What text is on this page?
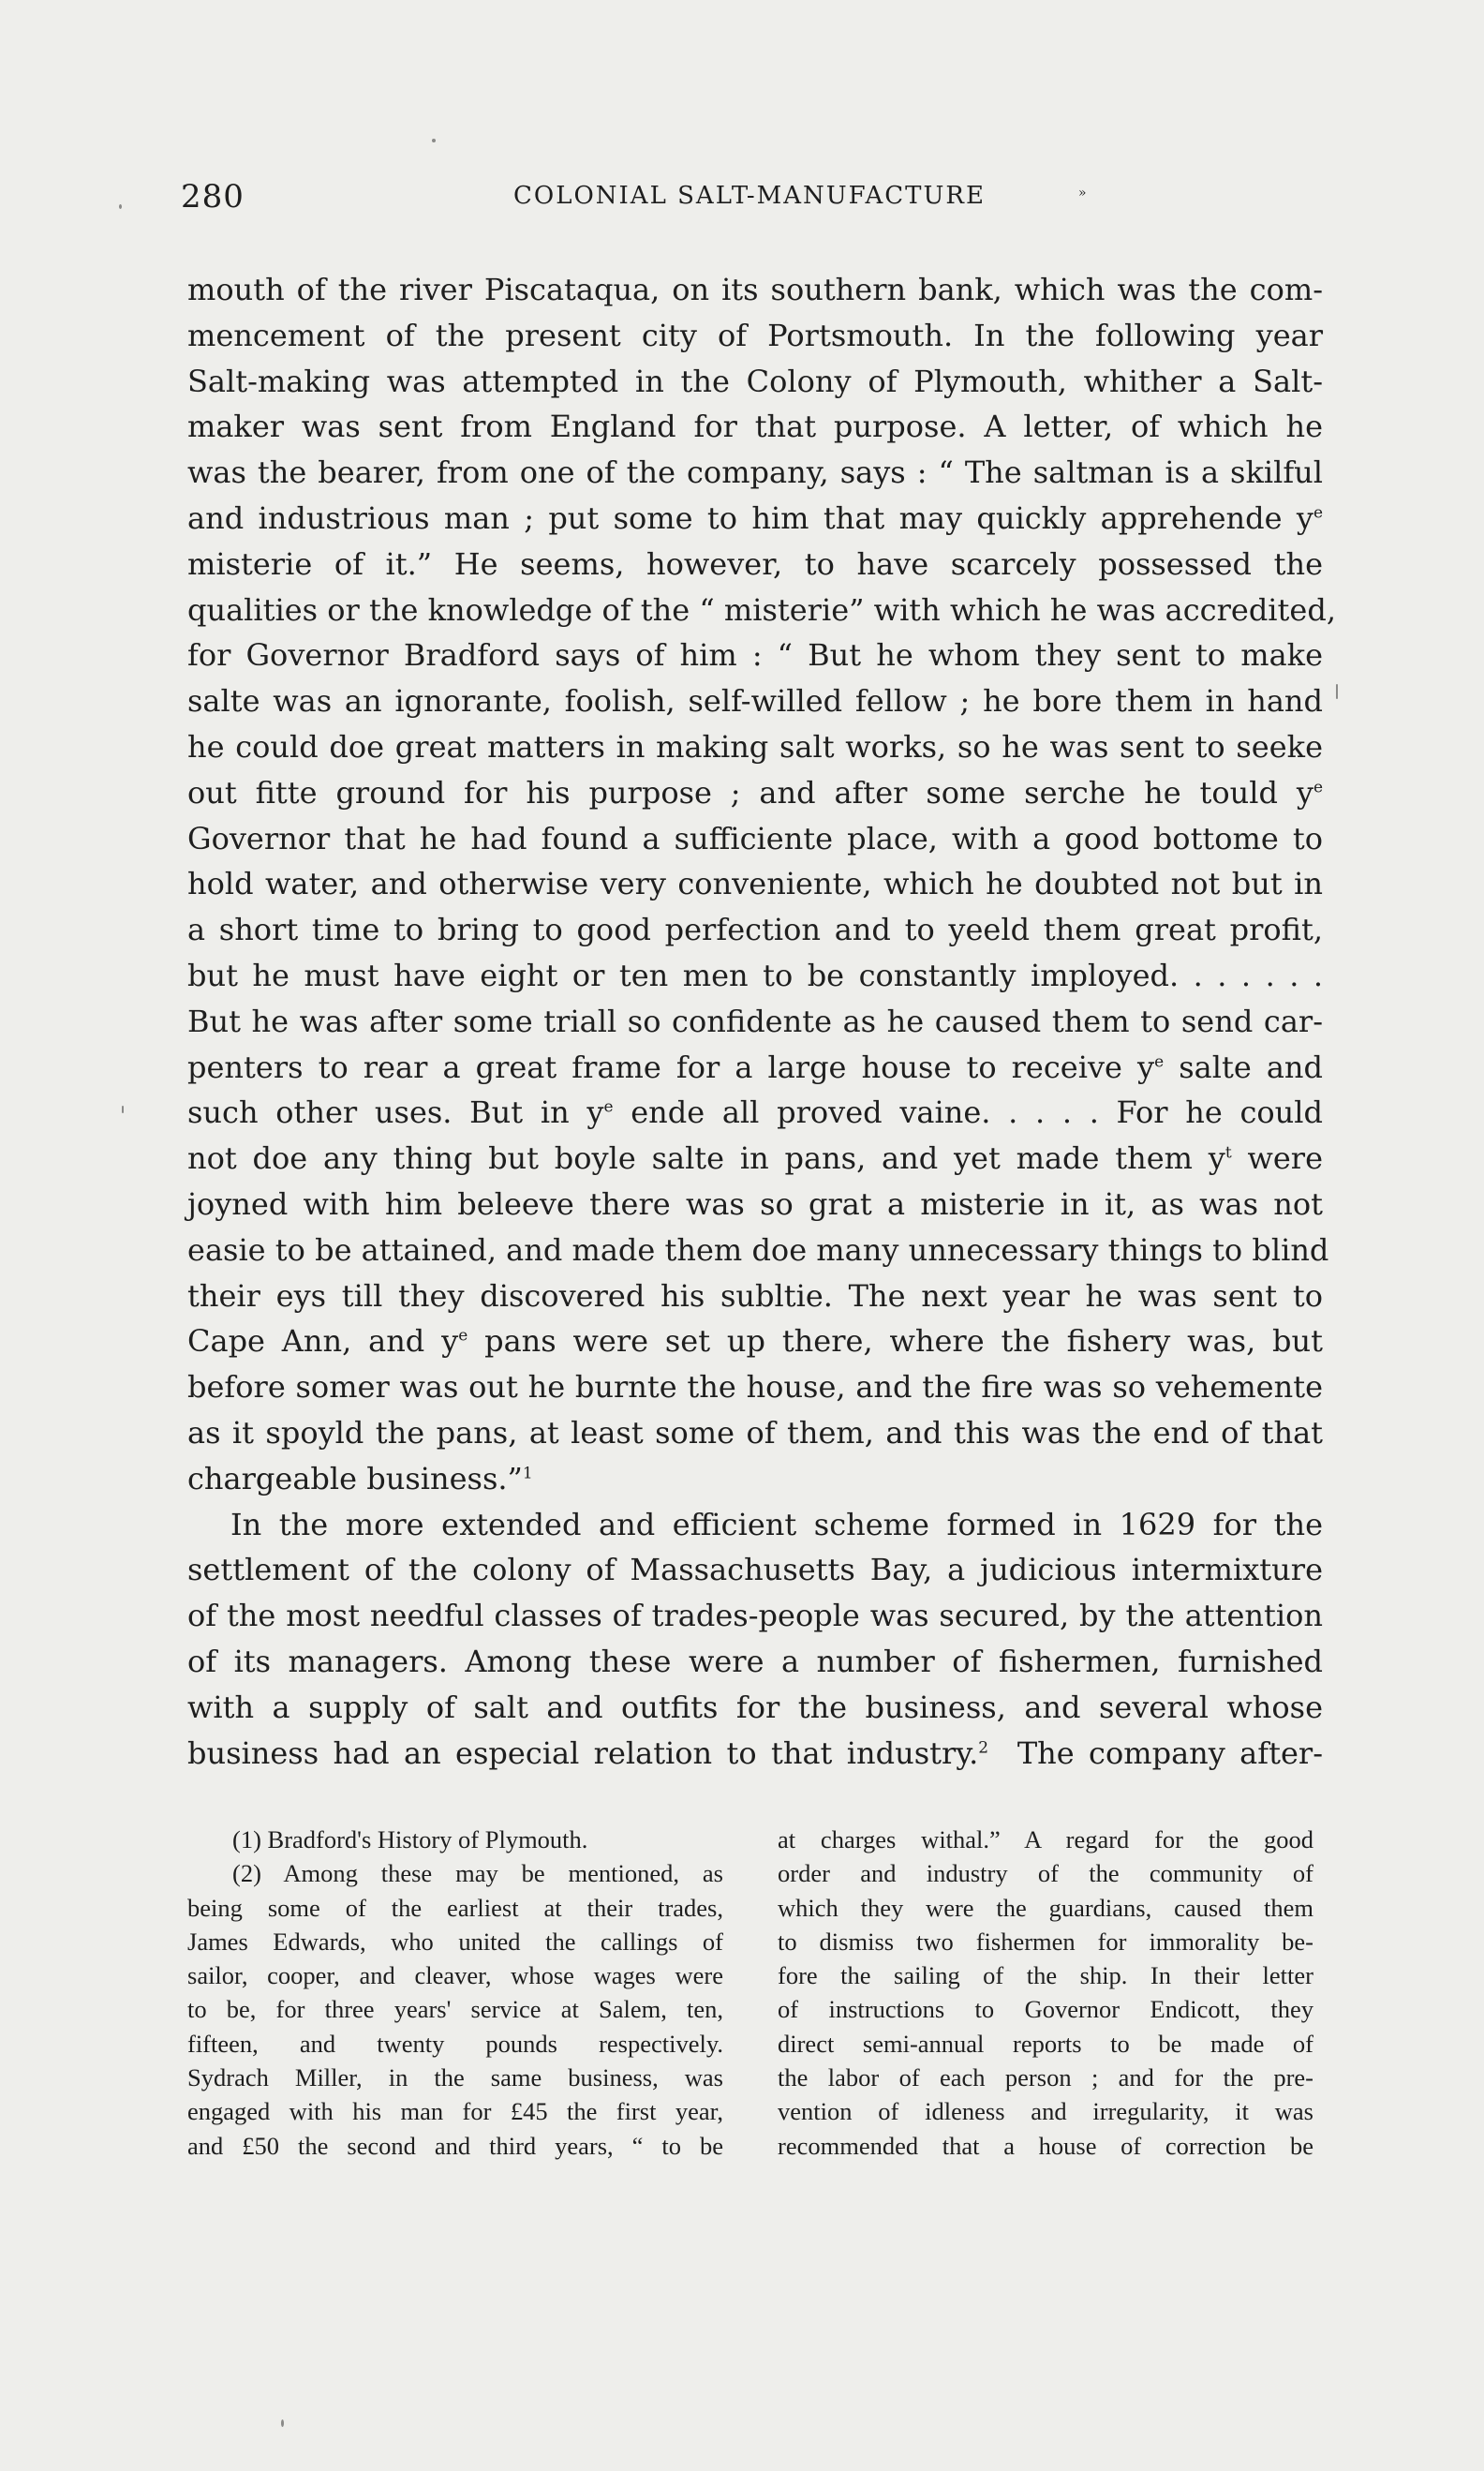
280	COLONIAL SALT-MANUFACTURE	»
mouth of the river Piscataqua, on its southern bank, which was the com-
mencement of the present city of Portsmouth. In the following year
Salt-making was attempted in the Colony of Plymouth, whither a Salt-
maker was sent from England for that purpose. A letter, of which he
was the bearer, from one of the company, says : “ The saltman is a skilful
and industrious man ; put some to him that may quickly apprehende $y^e$
misterie of it.” He seems, however, to have scarcely possessed the
qualities or the knowledge of the “ misterie” with which he was accredited,
for Governor Bradford says of him : “ But he whom they sent to make
salte was an ignorante, foolish, self-willed fellow ; he bore them in hand
he could doe great matters in making salt works, so he was sent to seeke
out fitte ground for his purpose ; and after some serche he tould $y^e$
Governor that he had found a sufficiente place, with a good bottome to
hold water, and otherwise very conveniente, which he doubted not but in
a short time to bring to good perfection and to yeeld them great profit,
but he must have eight or ten men to be constantly imployed. . . . . . .
But he was after some triall so confidente as he caused them to send car-
penters to rear a great frame for a large house to receive $y^e$ salte and
such other uses. But in $y^e$ ende all proved vaine. . . . . For he could
not doe any thing but boyle salte in pans, and yet made them $y^t$ were
joyned with him beleeve there was so grat a misterie in it, as was not
easie to be attained, and made them doe many unnecessary things to blind
their eys till they discovered his subltie. The next year he was sent to
Cape Ann, and $y^e$ pans were set up there, where the fishery was, but
before somer was out he burnte the house, and the fire was so vehemente
as it spoyld the pans, at least some of them, and this was the end of that
chargeable business.”$^1$
In the more extended and efficient scheme formed in 1629 for the
settlement of the colony of Massachusetts Bay, a judicious intermixture
of the most needful classes of trades-people was secured, by the attention
of its managers. Among these were a number of fishermen, furnished
with a supply of salt and outfits for the business, and several whose
business had an especial relation to that industry.$^2$ The company after-
(1) Bradford's History of Plymouth.
(2) Among these may be mentioned, as
being some of the earliest at their trades,
James Edwards, who united the callings of
sailor, cooper, and cleaver, whose wages were
to be, for three years' service at Salem, ten,
fifteen, and twenty pounds respectively.
Sydrach Miller, in the same business, was
engaged with his man for £45 the first year,
and £50 the second and third years, “ to be
at charges withal.” A regard for the good
order and industry of the community of
which they were the guardians, caused them
to dismiss two fishermen for immorality be-
fore the sailing of the ship. In their letter
of instructions to Governor Endicott, they
direct semi-annual reports to be made of
the labor of each person ; and for the pre-
vention of idleness and irregularity, it was
recommended that a house of correction be
